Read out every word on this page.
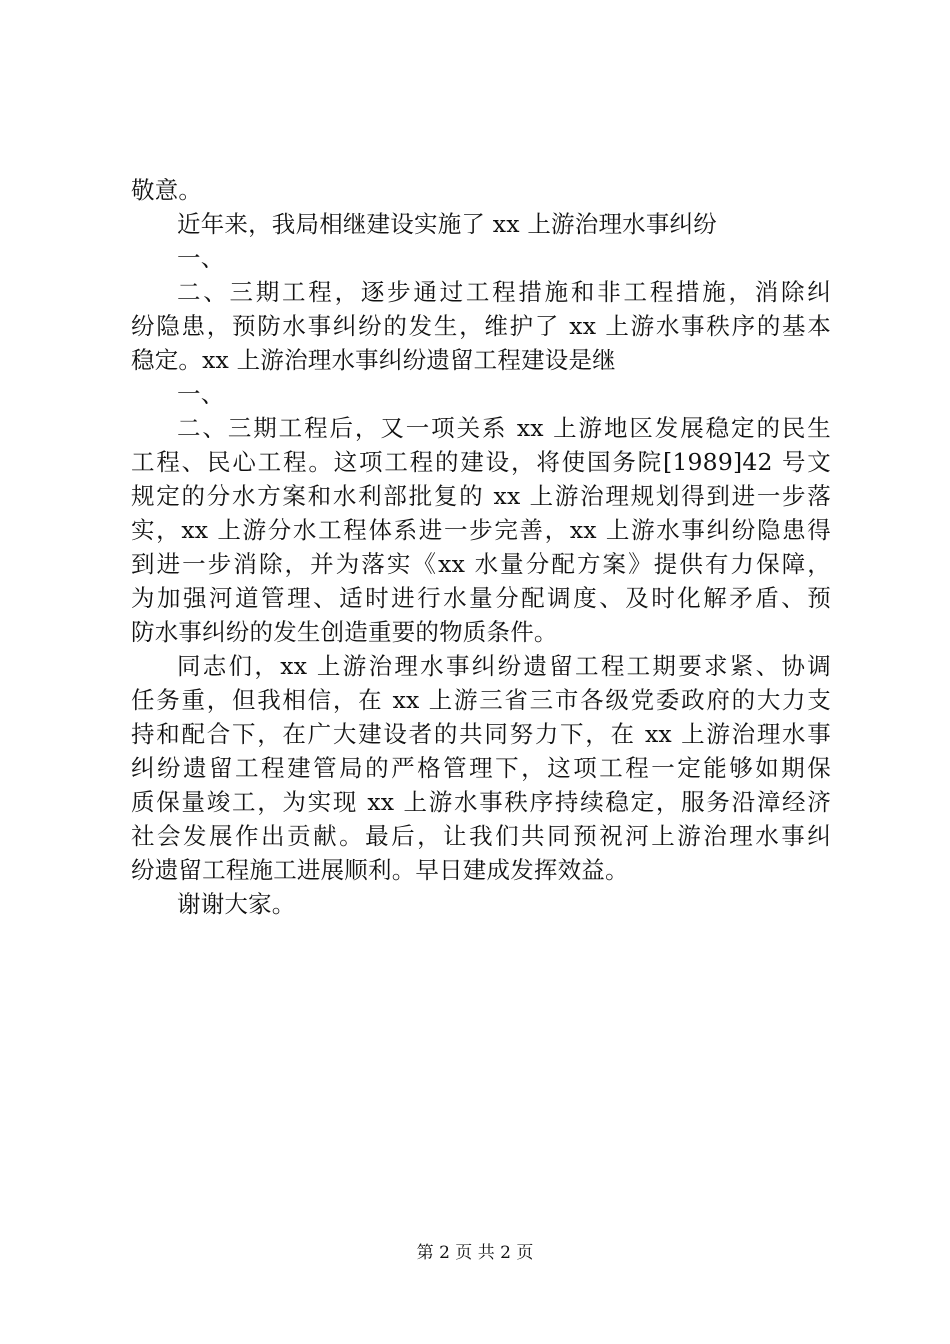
敬意。
近年来，我局相继建设实施了 xx 上游治理水事纠纷
一、
二、三期工程，逐步通过工程措施和非工程措施，消除纠
纷隐患，预防水事纠纷的发生，维护了 xx 上游水事秩序的基本
稳定。xx 上游治理水事纠纷遗留工程建设是继
一、
二、三期工程后，又一项关系 xx 上游地区发展稳定的民生
工程、民心工程。这项工程的建设，将使国务院[1989]42 号文
规定的分水方案和水利部批复的 xx 上游治理规划得到进一步落
实，xx 上游分水工程体系进一步完善，xx 上游水事纠纷隐患得
到进一步消除，并为落实《xx 水量分配方案》提供有力保障，
为加强河道管理、适时进行水量分配调度、及时化解矛盾、预
防水事纠纷的发生创造重要的物质条件。
同志们，xx 上游治理水事纠纷遗留工程工期要求紧、协调
任务重，但我相信，在 xx 上游三省三市各级党委政府的大力支
持和配合下，在广大建设者的共同努力下，在 xx 上游治理水事
纠纷遗留工程建管局的严格管理下，这项工程一定能够如期保
质保量竣工，为实现 xx 上游水事秩序持续稳定，服务沿漳经济
社会发展作出贡献。最后，让我们共同预祝河上游治理水事纠
纷遗留工程施工进展顺利。早日建成发挥效益。
谢谢大家。
第 2 页 共 2 页
